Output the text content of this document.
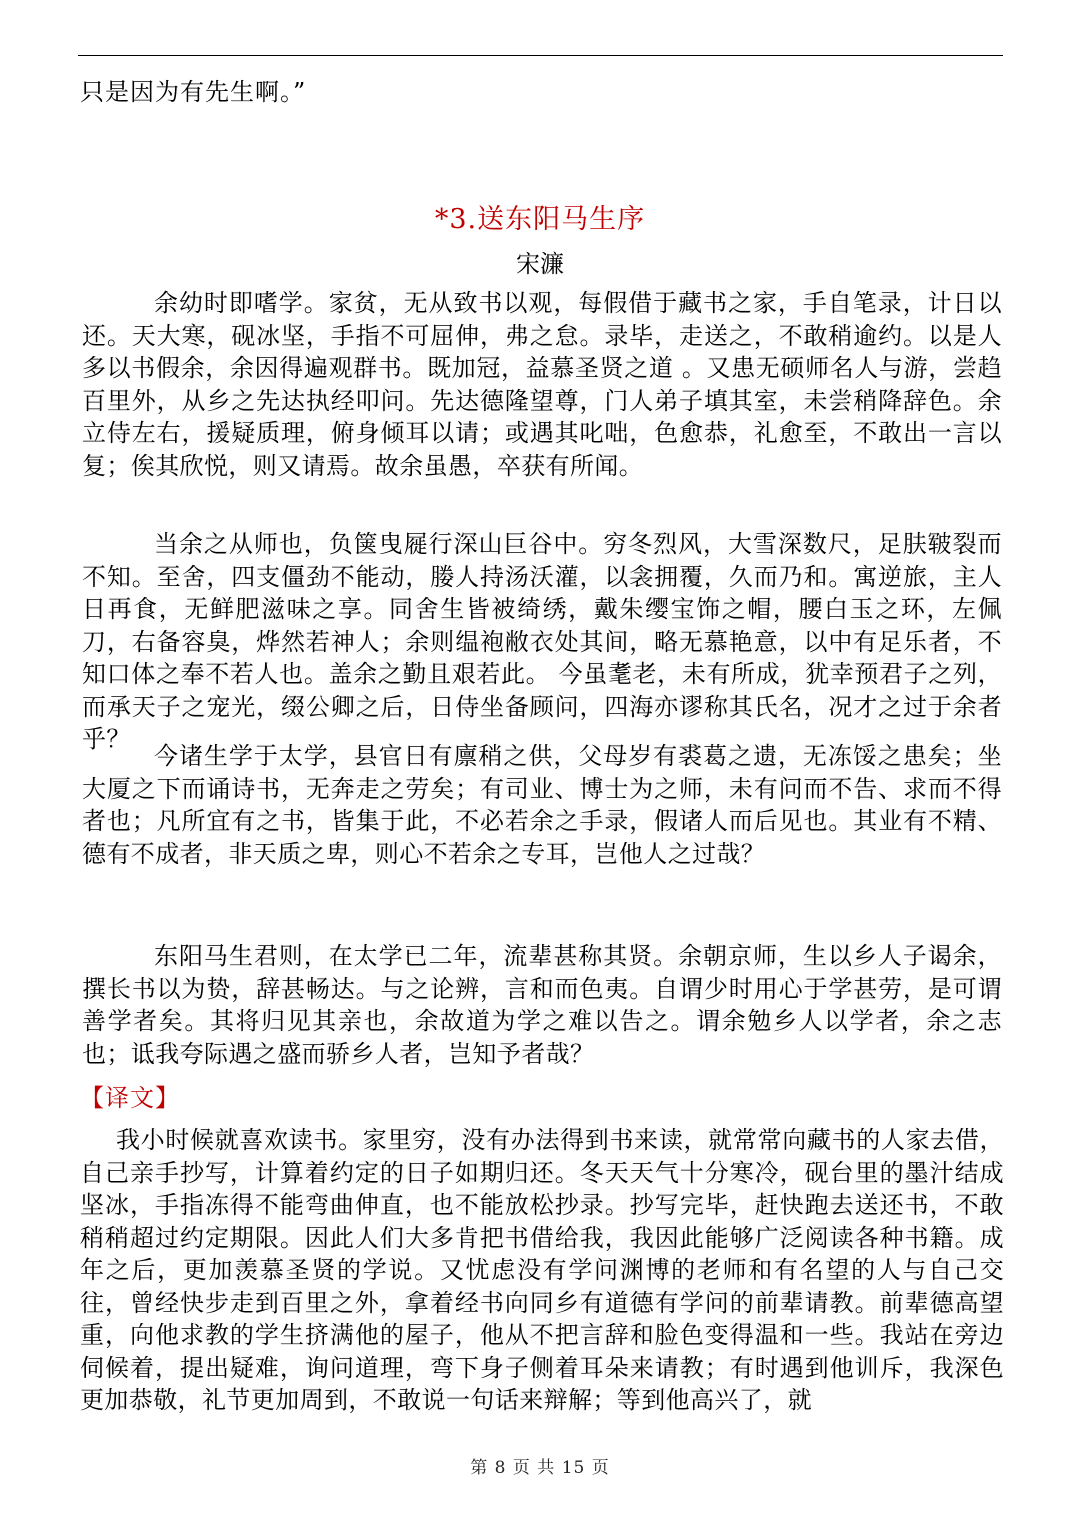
只是因为有先生啊。”
*3.送东阳马生序
宋濂

余幼时即嗜学。家贫，无从致书以观，每假借于藏书之家，手自笔录，计日以还。天大寒，砚冰坚，手指不可屈伸，弗之怠。录毕，走送之，不敢稍逾约。以是人多以书假余，余因得遍观群书。既加冠，益慕圣贤之道 。又患无硕师名人与游，尝趋百里外，从乡之先达执经叩问。先达德隆望尊，门人弟子填其室，未尝稍降辞色。余立侍左右，援疑质理，俯身倾耳以请；或遇其叱咄，色愈恭，礼愈至，不敢出一言以复；俟其欣悦，则又请焉。故余虽愚，卒获有所闻。

当余之从师也，负箧曳屣行深山巨谷中。穷冬烈风，大雪深数尺，足肤皲裂而不知。至舍，四支僵劲不能动，媵人持汤沃灌，以衾拥覆，久而乃和。寓逆旅，主人日再食，无鲜肥滋味之享。同舍生皆被绮绣，戴朱缨宝饰之帽，腰白玉之环，左佩刀，右备容臭，烨然若神人；余则缊袍敝衣处其间，略无慕艳意，以中有足乐者，不知口体之奉不若人也。盖余之勤且艰若此。 今虽耄老，未有所成，犹幸预君子之列，而承天子之宠光，缀公卿之后，日侍坐备顾问，四海亦谬称其氏名，况才之过于余者乎？

今诸生学于太学，县官日有廪稍之供，父母岁有裘葛之遗，无冻馁之患矣；坐大厦之下而诵诗书，无奔走之劳矣；有司业、博士为之师，未有问而不告、求而不得者也；凡所宜有之书，皆集于此，不必若余之手录，假诸人而后见也。其业有不精、德有不成者，非天质之卑，则心不若余之专耳，岂他人之过哉？

东阳马生君则，在太学已二年，流辈甚称其贤。余朝京师，生以乡人子谒余，撰长书以为贽，辞甚畅达。与之论辨，言和而色夷。自谓少时用心于学甚劳，是可谓善学者矣。其将归见其亲也，余故道为学之难以告之。谓余勉乡人以学者，余之志也；诋我夸际遇之盛而骄乡人者，岂知予者哉？

【译文】

我小时候就喜欢读书。家里穷，没有办法得到书来读，就常常向藏书的人家去借，自己亲手抄写，计算着约定的日子如期归还。冬天天气十分寒冷，砚台里的墨汁结成坚冰，手指冻得不能弯曲伸直，也不能放松抄录。抄写完毕，赶快跑去送还书，不敢稍稍超过约定期限。因此人们大多肯把书借给我，我因此能够广泛阅读各种书籍。成年之后，更加羡慕圣贤的学说。又忧虑没有学问渊博的老师和有名望的人与自己交往，曾经快步走到百里之外，拿着经书向同乡有道德有学问的前辈请教。前辈德高望重，向他求教的学生挤满他的屋子，他从不把言辞和脸色变得温和一些。我站在旁边伺候着，提出疑难，询问道理，弯下身子侧着耳朵来请教；有时遇到他训斥，我深色更加恭敬，礼节更加周到，不敢说一句话来辩解；等到他高兴了，就

第 8 页 共 15 页
